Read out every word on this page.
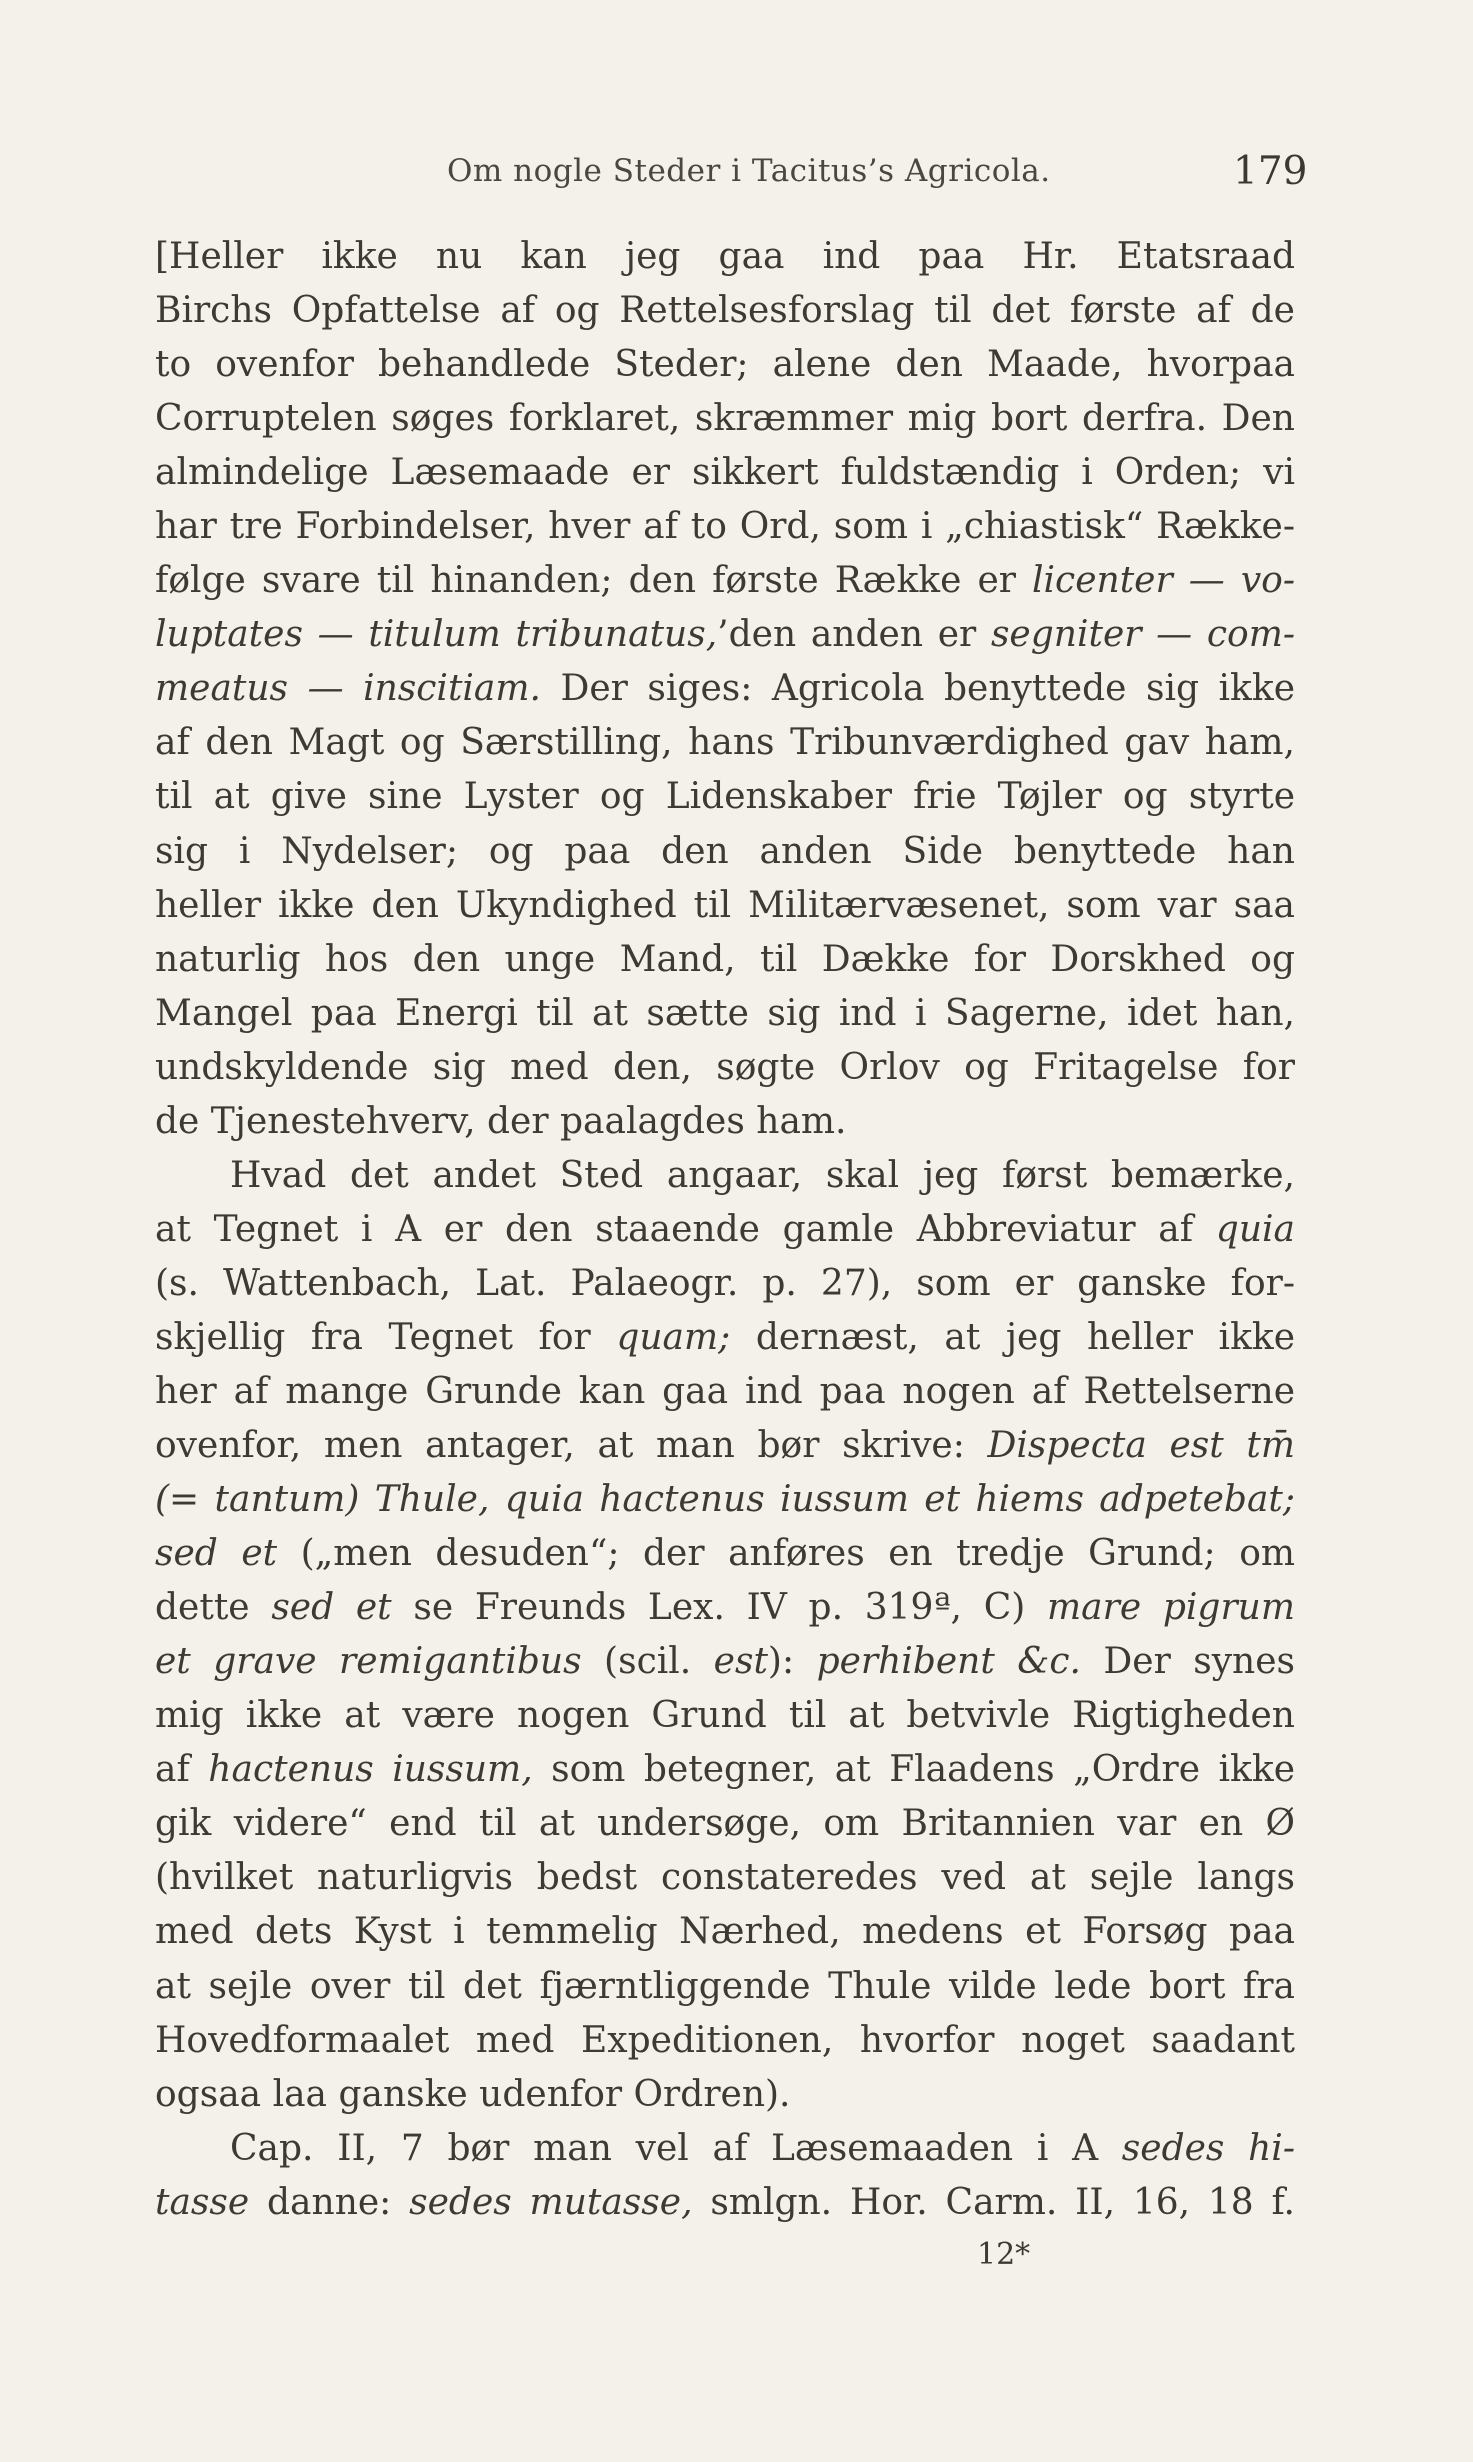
Om nogle Steder i Tacitus’s Agricola.	179
[Heller ikke nu kan jeg gaa ind paa Hr. Etatsraad
Birchs Opfattelse af og Rettelsesforslag til det første af de
to ovenfor behandlede Steder; alene den Maade, hvorpaa
Corruptelen søges forklaret, skræmmer mig bort derfra. Den
almindelige Læsemaade er sikkert fuldstændig i Orden; vi
har tre Forbindelser, hver af to Ord, som i „chiastisk“ Række-
følge svare til hinanden; den første Række er licenter — vo-
luptates — titulum tribunatus,’den anden er segniter — com-
meatus — inscitiam. Der siges: Agricola benyttede sig ikke
af den Magt og Særstilling, hans Tribunværdighed gav ham,
til at give sine Lyster og Lidenskaber frie Tøjler og styrte
sig i Nydelser; og paa den anden Side benyttede han
heller ikke den Ukyndighed til Militærvæsenet, som var saa
naturlig hos den unge Mand, til Dække for Dorskhed og
Mangel paa Energi til at sætte sig ind i Sagerne, idet han,
undskyldende sig med den, søgte Orlov og Fritagelse for
de Tjenestehverv, der paalagdes ham.
Hvad det andet Sted angaar, skal jeg først bemærke,
at Tegnet i A er den staaende gamle Abbreviatur af quia
(s. Wattenbach, Lat. Palaeogr. p. 27), som er ganske for-
skjellig fra Tegnet for quam; dernæst, at jeg heller ikke
her af mange Grunde kan gaa ind paa nogen af Rettelserne
ovenfor, men antager, at man bør skrive: Dispecta est tm̄
(= tantum) Thule, quia hactenus iussum et hiems adpetebat;
sed et („men desuden“; der anføres en tredje Grund; om
dette sed et se Freunds Lex. IV p. 319ª, C) mare pigrum
et grave remigantibus (scil. est): perhibent &c. Der synes
mig ikke at være nogen Grund til at betvivle Rigtigheden
af hactenus iussum, som betegner, at Flaadens „Ordre ikke
gik videre“ end til at undersøge, om Britannien var en Ø
(hvilket naturligvis bedst constateredes ved at sejle langs
med dets Kyst i temmelig Nærhed, medens et Forsøg paa
at sejle over til det fjærntliggende Thule vilde lede bort fra
Hovedformaalet med Expeditionen, hvorfor noget saadant
ogsaa laa ganske udenfor Ordren).
Cap. II, 7 bør man vel af Læsemaaden i A sedes hi-
tasse danne: sedes mutasse, smlgn. Hor. Carm. II, 16, 18 f.
12*
